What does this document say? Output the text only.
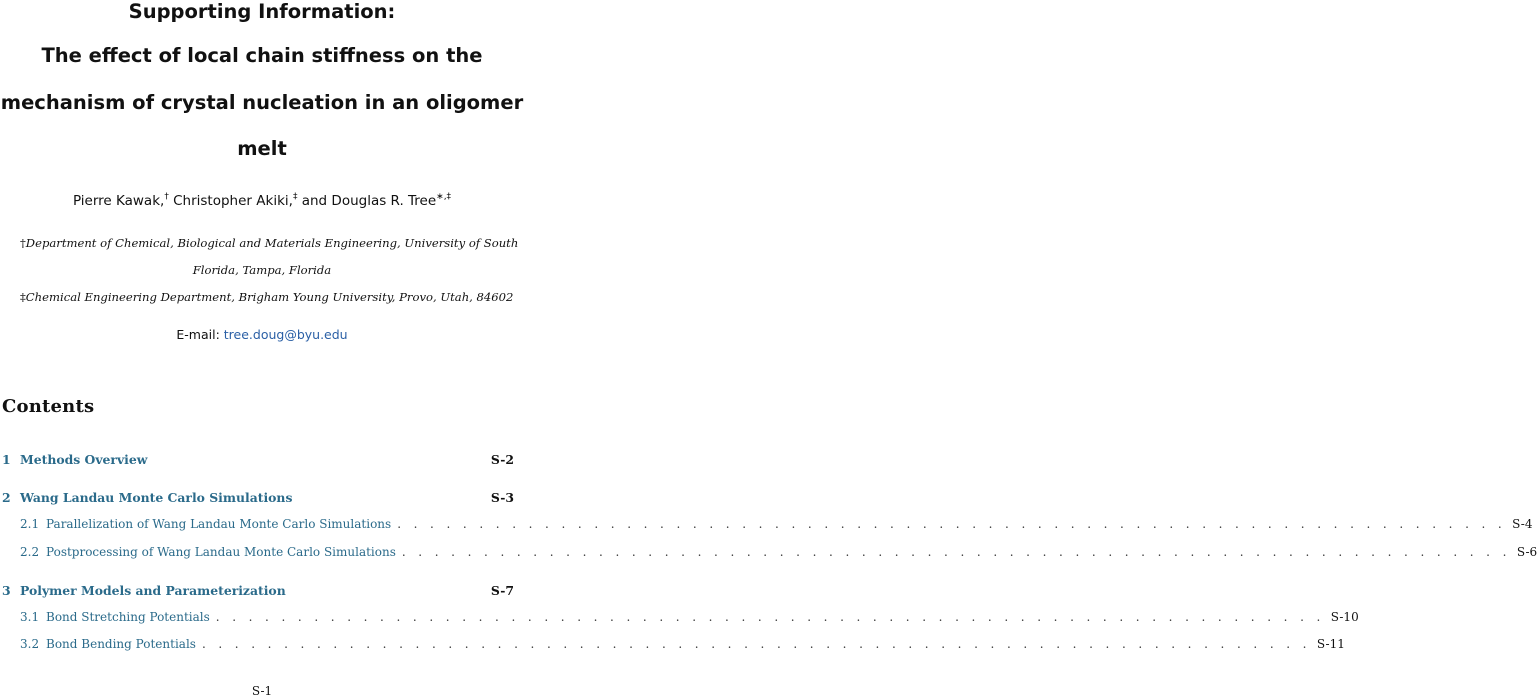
Supporting Information:
The effect of local chain stiffness on the
mechanism of crystal nucleation in an oligomer
melt
Pierre Kawak,† Christopher Akiki,‡ and Douglas R. Tree∗,‡
†Department of Chemical, Biological and Materials Engineering, University of South
Florida, Tampa, Florida
‡Chemical Engineering Department, Brigham Young University, Provo, Utah, 84602
E-mail: tree.doug@byu.edu
Contents
1 Methods Overview	S-2
2 Wang Landau Monte Carlo Simulations	S-3
2.1 Parallelization of Wang Landau Monte Carlo Simulations . . . . . . . . . . . . . . . . . . . . . . . . . . . . . . . . . . . . . . . . . . . . . . . . . . . . . . . . . . . . . . . . . . . . S-4
2.2 Postprocessing of Wang Landau Monte Carlo Simulations . . . . . . . . . . . . . . . . . . . . . . . . . . . . . . . . . . . . . . . . . . . . . . . . . . . . . . . . . . . . . . . . . . . . S-6
3 Polymer Models and Parameterization	S-7
3.1 Bond Stretching Potentials . . . . . . . . . . . . . . . . . . . . . . . . . . . . . . . . . . . . . . . . . . . . . . . . . . . . . . . . . . . . . . . . . . . . S-10
3.2 Bond Bending Potentials . . . . . . . . . . . . . . . . . . . . . . . . . . . . . . . . . . . . . . . . . . . . . . . . . . . . . . . . . . . . . . . . . . . . S-11
S-1
